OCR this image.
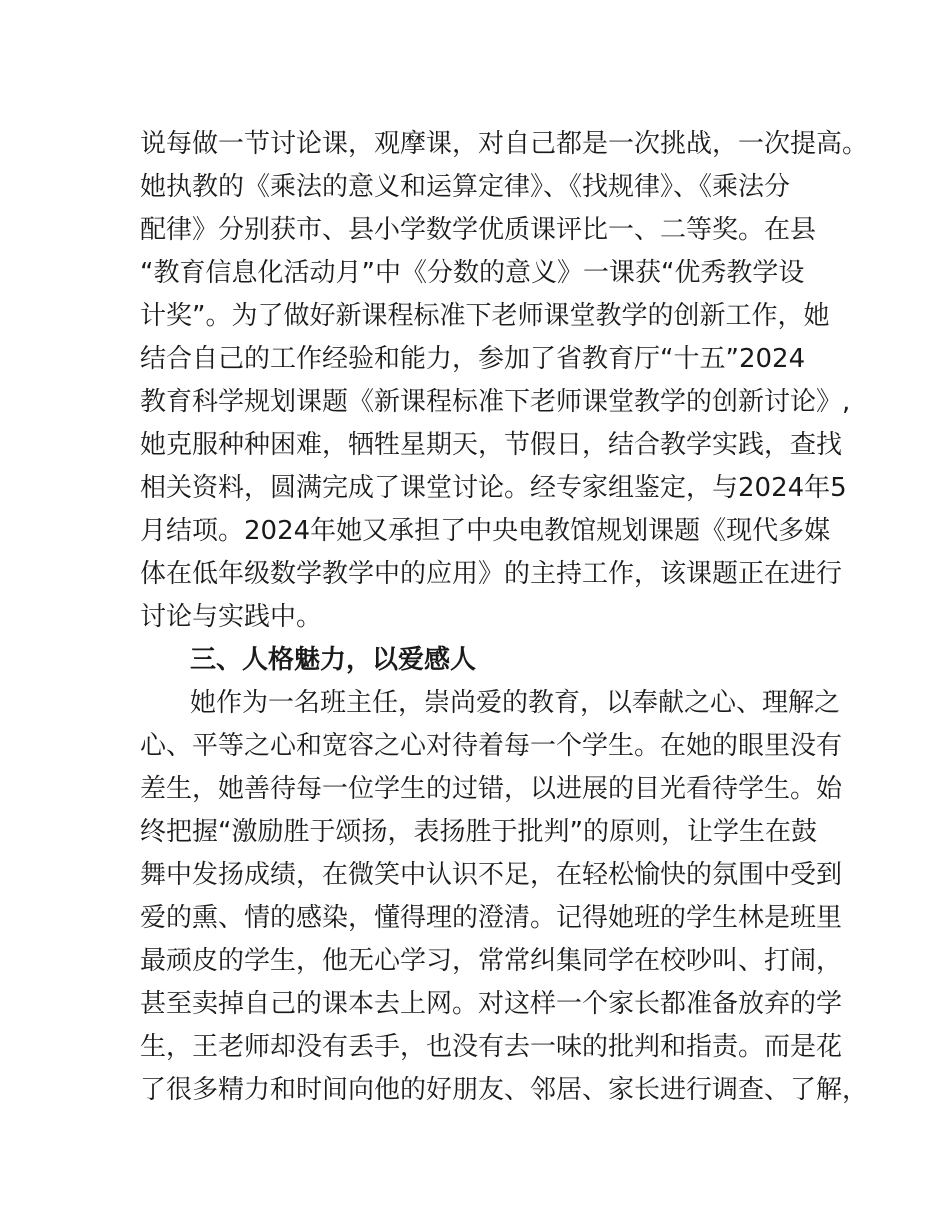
说每做一节讨论课，观摩课，对自己都是一次挑战，一次提高。
她执教的《乘法的意义和运算定律》、《找规律》、《乘法分
配律》分别获市、县小学数学优质课评比一、二等奖。在县
“教育信息化活动月”中《分数的意义》一课获“优秀教学设
计奖”。为了做好新课程标准下老师课堂教学的创新工作，她
结合自己的工作经验和能力，参加了省教育厅“十五”2024
教育科学规划课题《新课程标准下老师课堂教学的创新讨论》,
她克服种种困难，牺牲星期天，节假日，结合教学实践，查找
相关资料，圆满完成了课堂讨论。经专家组鉴定，与2024年5
月结项。2024年她又承担了中央电教馆规划课题《现代多媒
体在低年级数学教学中的应用》的主持工作，该课题正在进行
讨论与实践中。
三、人格魅力，以爱感人
她作为一名班主任，崇尚爱的教育，以奉献之心、理解之
心、平等之心和宽容之心对待着每一个学生。在她的眼里没有
差生，她善待每一位学生的过错，以进展的目光看待学生。始
终把握“激励胜于颂扬，表扬胜于批判”的原则，让学生在鼓
舞中发扬成绩，在微笑中认识不足，在轻松愉快的氛围中受到
爱的熏、情的感染，懂得理的澄清。记得她班的学生林是班里
最顽皮的学生，他无心学习，常常纠集同学在校吵叫、打闹，
甚至卖掉自己的课本去上网。对这样一个家长都准备放弃的学
生，王老师却没有丢手，也没有去一味的批判和指责。而是花
了很多精力和时间向他的好朋友、邻居、家长进行调查、了解，
